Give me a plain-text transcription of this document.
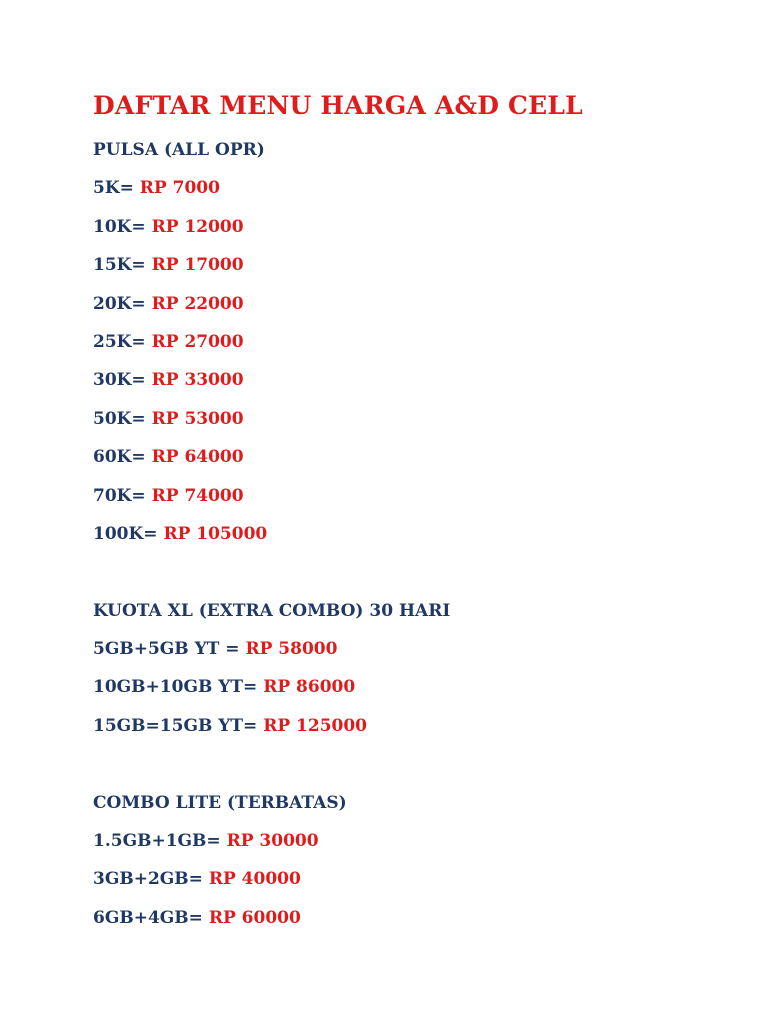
DAFTAR MENU HARGA A&D CELL
PULSA (ALL OPR)
5K= RP 7000
10K= RP 12000
15K= RP 17000
20K= RP 22000
25K= RP 27000
30K= RP 33000
50K= RP 53000
60K= RP 64000
70K= RP 74000
100K= RP 105000
KUOTA XL (EXTRA COMBO) 30 HARI
5GB+5GB YT = RP 58000
10GB+10GB YT= RP 86000
15GB=15GB YT= RP 125000
COMBO LITE (TERBATAS)
1.5GB+1GB= RP 30000
3GB+2GB= RP 40000
6GB+4GB= RP 60000
